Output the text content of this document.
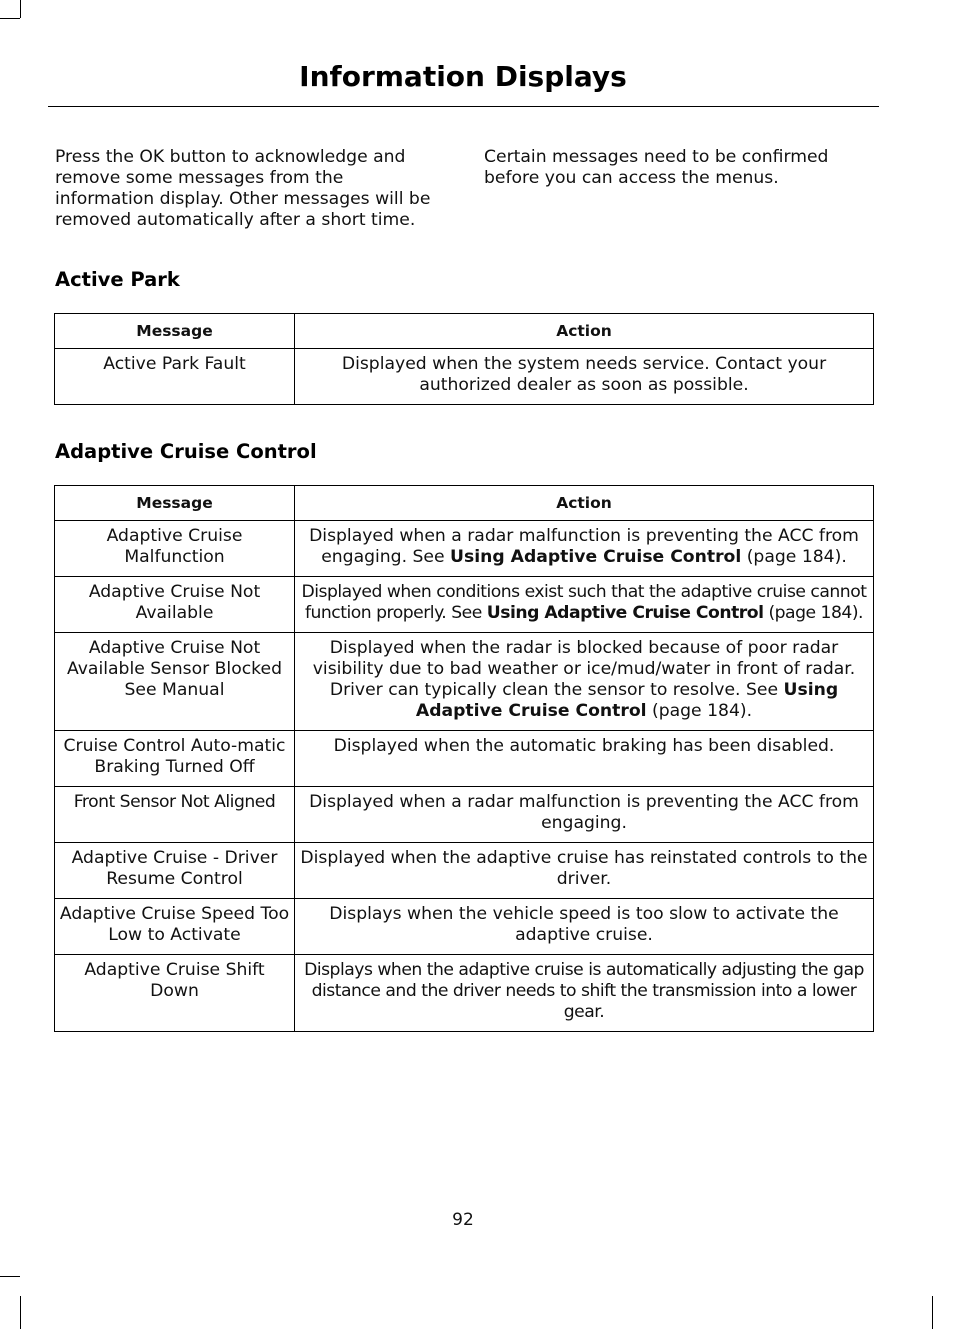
Information Displays
Press the OK button to acknowledge and remove some messages from the information display. Other messages will be removed automatically after a short time.
Certain messages need to be confirmed before you can access the menus.
Active Park
Message	Action
Active Park Fault	Displayed when the system needs service. Contact your authorized dealer as soon as possible.
Adaptive Cruise Control
Message	Action
Adaptive Cruise Malfunction	Displayed when a radar malfunction is preventing the ACC from engaging. See Using Adaptive Cruise Control (page 184).
Adaptive Cruise Not Available	Displayed when conditions exist such that the adaptive cruise cannot function properly. See Using Adaptive Cruise Control (page 184).
Adaptive Cruise Not Available Sensor Blocked See Manual	Displayed when the radar is blocked because of poor radar visibility due to bad weather or ice/mud/water in front of radar. Driver can typically clean the sensor to resolve. See Using Adaptive Cruise Control (page 184).
Cruise Control Auto-matic Braking Turned Off	Displayed when the automatic braking has been disabled.
Front Sensor Not Aligned	Displayed when a radar malfunction is preventing the ACC from engaging.
Adaptive Cruise - Driver Resume Control	Displayed when the adaptive cruise has reinstated controls to the driver.
Adaptive Cruise Speed Too Low to Activate	Displays when the vehicle speed is too slow to activate the adaptive cruise.
Adaptive Cruise Shift Down	Displays when the adaptive cruise is automatically adjusting the gap distance and the driver needs to shift the transmission into a lower gear.
92
